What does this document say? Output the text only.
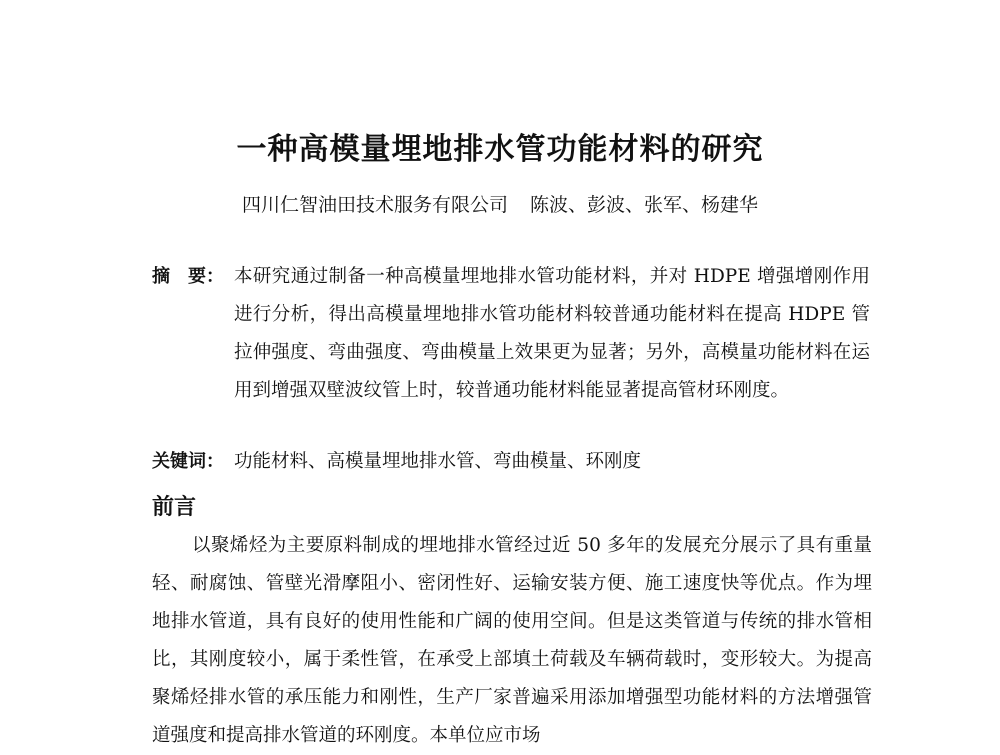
一种高模量埋地排水管功能材料的研究
四川仁智油田技术服务有限公司 陈波、彭波、张军、杨建华
摘　要： 本研究通过制备一种高模量埋地排水管功能材料，并对 HDPE 增强增刚作用进行分析，得出高模量埋地排水管功能材料较普通功能材料在提高 HDPE 管拉伸强度、弯曲强度、弯曲模量上效果更为显著；另外，高模量功能材料在运用到增强双壁波纹管上时，较普通功能材料能显著提高管材环刚度。

关键词： 功能材料、高模量埋地排水管、弯曲模量、环刚度
前言

以聚烯烃为主要原料制成的埋地排水管经过近 50 多年的发展充分展示了具有重量轻、耐腐蚀、管壁光滑摩阻小、密闭性好、运输安装方便、施工速度快等优点。作为埋地排水管道，具有良好的使用性能和广阔的使用空间。但是这类管道与传统的排水管相比，其刚度较小，属于柔性管，在承受上部填土荷载及车辆荷载时，变形较大。为提高聚烯烃排水管的承压能力和刚性，生产厂家普遍采用添加增强型功能材料的方法增强管道强度和提高排水管道的环刚度。本单位应市场
